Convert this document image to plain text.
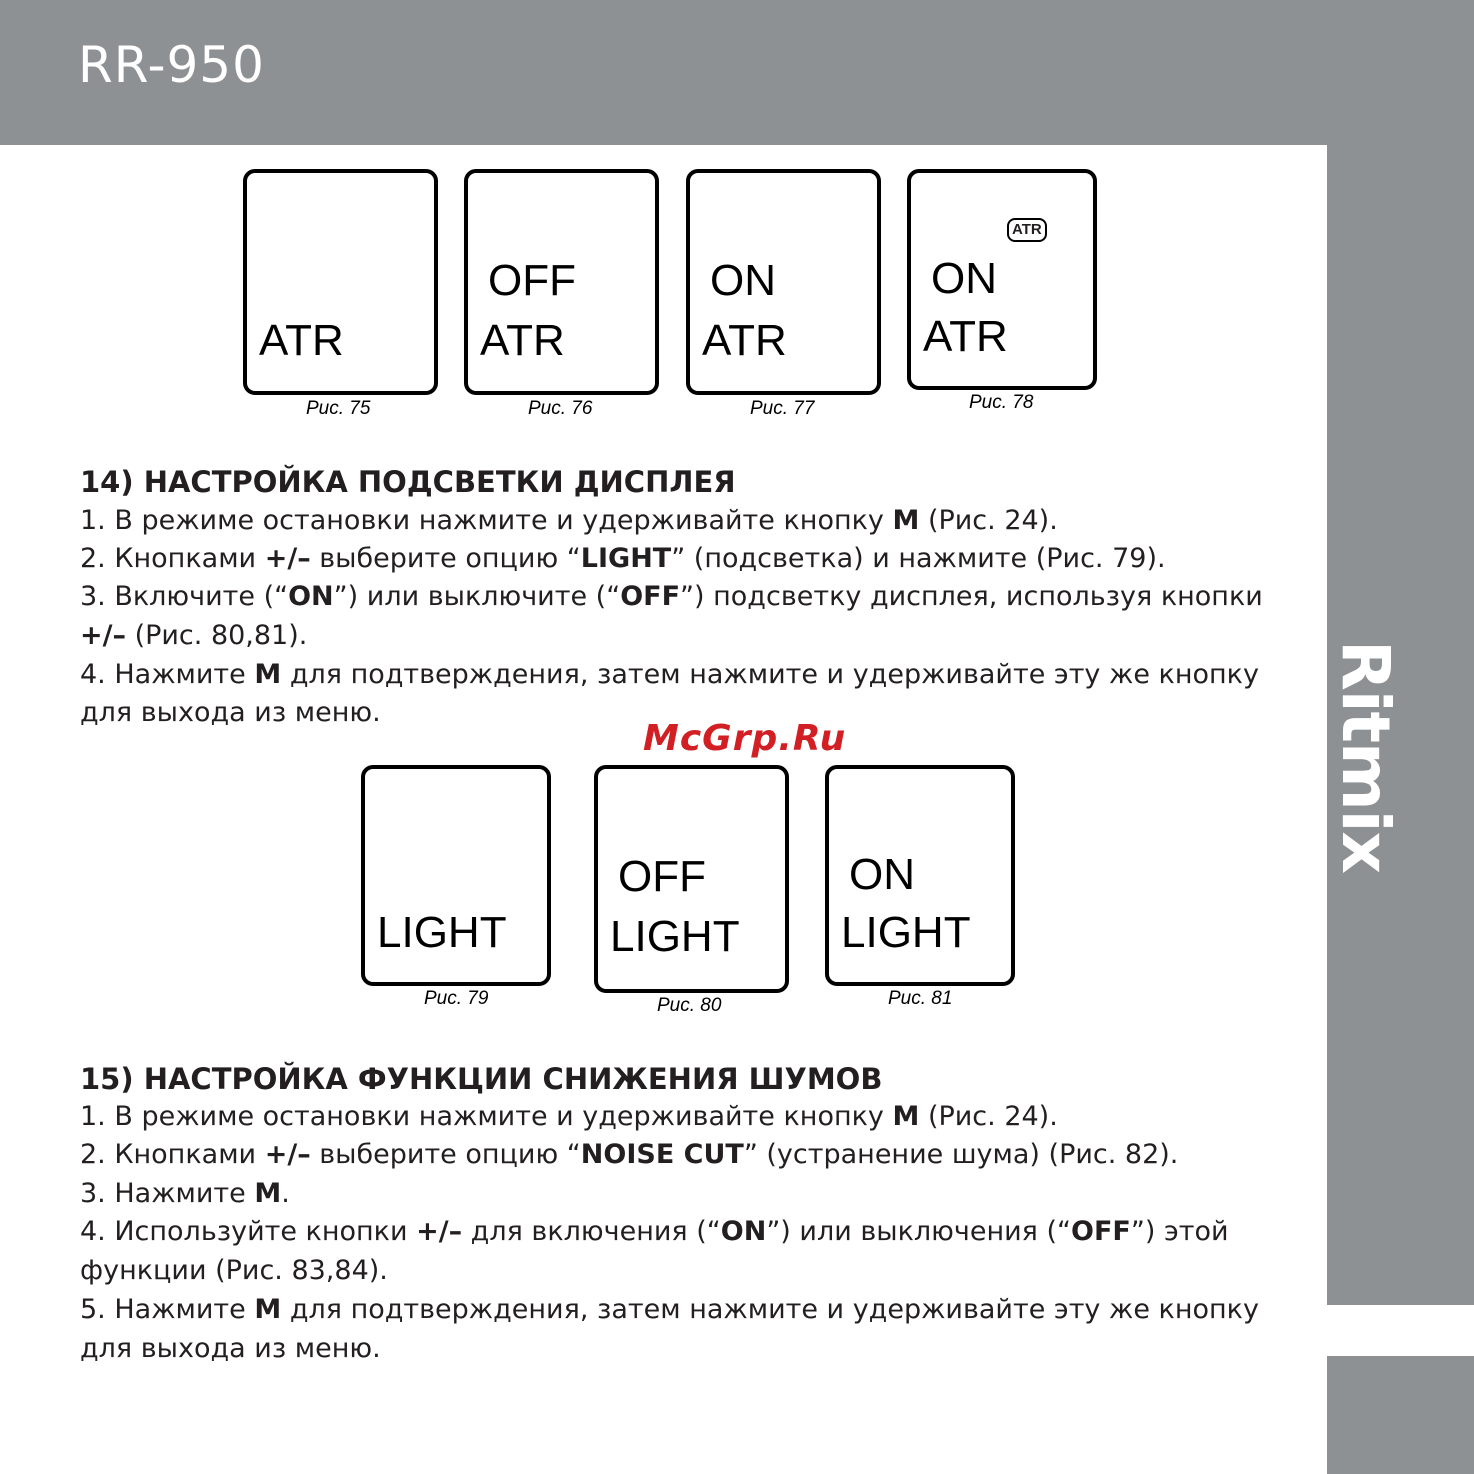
RR-950
Ritmix
ATR
Рис. 75
OFF
ATR
Рис. 76
ON
ATR
Рис. 77
ATR
ON
ATR
Рис. 78
14) НАСТРОЙКА ПОДСВЕТКИ ДИСПЛЕЯ
1. В режиме остановки нажмите и удерживайте кнопку M (Рис. 24).
2. Кнопками +/– выберите опцию “LIGHT” (подсветка) и нажмите (Рис. 79).
3. Включите (“ON”) или выключите (“OFF”) подсветку дисплея, используя кнопки
+/– (Рис. 80,81).
4. Нажмите M для подтверждения, затем нажмите и удерживайте эту же кнопку
для выхода из меню.
McGrp.Ru
LIGHT
Рис. 79
OFF
LIGHT
Рис. 80
ON
LIGHT
Рис. 81
15) НАСТРОЙКА ФУНКЦИИ СНИЖЕНИЯ ШУМОВ
1. В режиме остановки нажмите и удерживайте кнопку M (Рис. 24).
2. Кнопками +/– выберите опцию “NOISE CUT” (устранение шума) (Рис. 82).
3. Нажмите M.
4. Используйте кнопки +/– для включения (“ON”) или выключения (“OFF”) этой
функции (Рис. 83,84).
5. Нажмите M для подтверждения, затем нажмите и удерживайте эту же кнопку
для выхода из меню.
